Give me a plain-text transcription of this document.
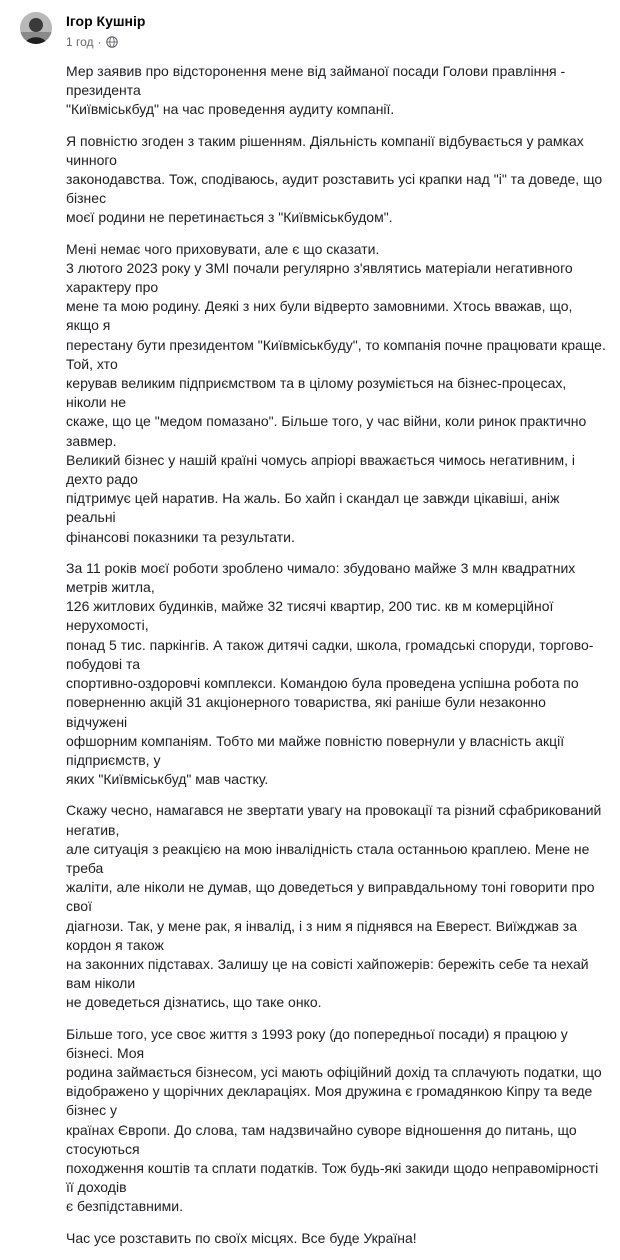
Ігор Кушнір
1 год ·

Мер заявив про відсторонення мене від займаної посади Голови правління - президента
"Київміськбуд" на час проведення аудиту компанії.

Я повністю згоден з таким рішенням. Діяльність компанії відбувається у рамках чинного
законодавства. Тож, сподіваюсь, аудит розставить усі крапки над "і" та доведе, що бізнес
моєї родини не перетинається з "Київміськбудом".

Мені немає чого приховувати, але є що сказати.
3 лютого 2023 року у ЗМІ почали регулярно з'являтись матеріали негативного характеру про
мене та мою родину. Деякі з них були відверто замовними. Хтось вважав, що, якщо я
перестану бути президентом "Київміськбуду", то компанія почне працювати краще. Той, хто
керував великим підприємством та в цілому розуміється на бізнес-процесах, ніколи не
скаже, що це "медом помазано". Більше того, у час війни, коли ринок практично завмер.
Великий бізнес у нашій країні чомусь апріорі вважається чимось негативним, і дехто радо
підтримує цей наратив. На жаль. Бо хайп і скандал це завжди цікавіші, аніж реальні
фінансові показники та результати.

За 11 років моєї роботи зроблено чимало: збудовано майже 3 млн квадратних метрів житла,
126 житлових будинків, майже 32 тисячі квартир, 200 тис. кв м комерційної нерухомості,
понад 5 тис. паркінгів. А також дитячі садки, школа, громадські споруди, торгово-побудові та
спортивно-оздоровчі комплекси. Командою була проведена успішна робота по
поверненню акцій 31 акціонерного товариства, які раніше були незаконно відчужені
офшорним компаніям. Тобто ми майже повністю повернули у власність акції підприємств, у
яких "Київміськбуд" мав частку.

Скажу чесно, намагався не звертати увагу на провокації та різний сфабрикований негатив,
але ситуація з реакцією на мою інвалідність стала останньою краплею. Мене не треба
жаліти, але ніколи не думав, що доведеться у виправдальному тоні говорити про свої
діагнози. Так, у мене рак, я інвалід, і з ним я піднявся на Еверест. Виїжджав за кордон я також
на законних підставах. Залишу це на совісті хайпожерів: бережіть себе та нехай вам ніколи
не доведеться дізнатись, що таке онко.

Більше того, усе своє життя з 1993 року (до попередньої посади) я працюю у бізнесі. Моя
родина займається бізнесом, усі мають офіційний дохід та сплачують податки, що
відображено у щорічних деклараціях. Моя дружина є громадянкою Кіпру та веде бізнес у
країнах Європи. До слова, там надзвичайно суворе відношення до питань, що стосуються
походження коштів та сплати податків. Тож будь-які закиди щодо неправомірності її доходів
є безпідставними.

Час усе розставить по своїх місцях. Все буде Україна!
